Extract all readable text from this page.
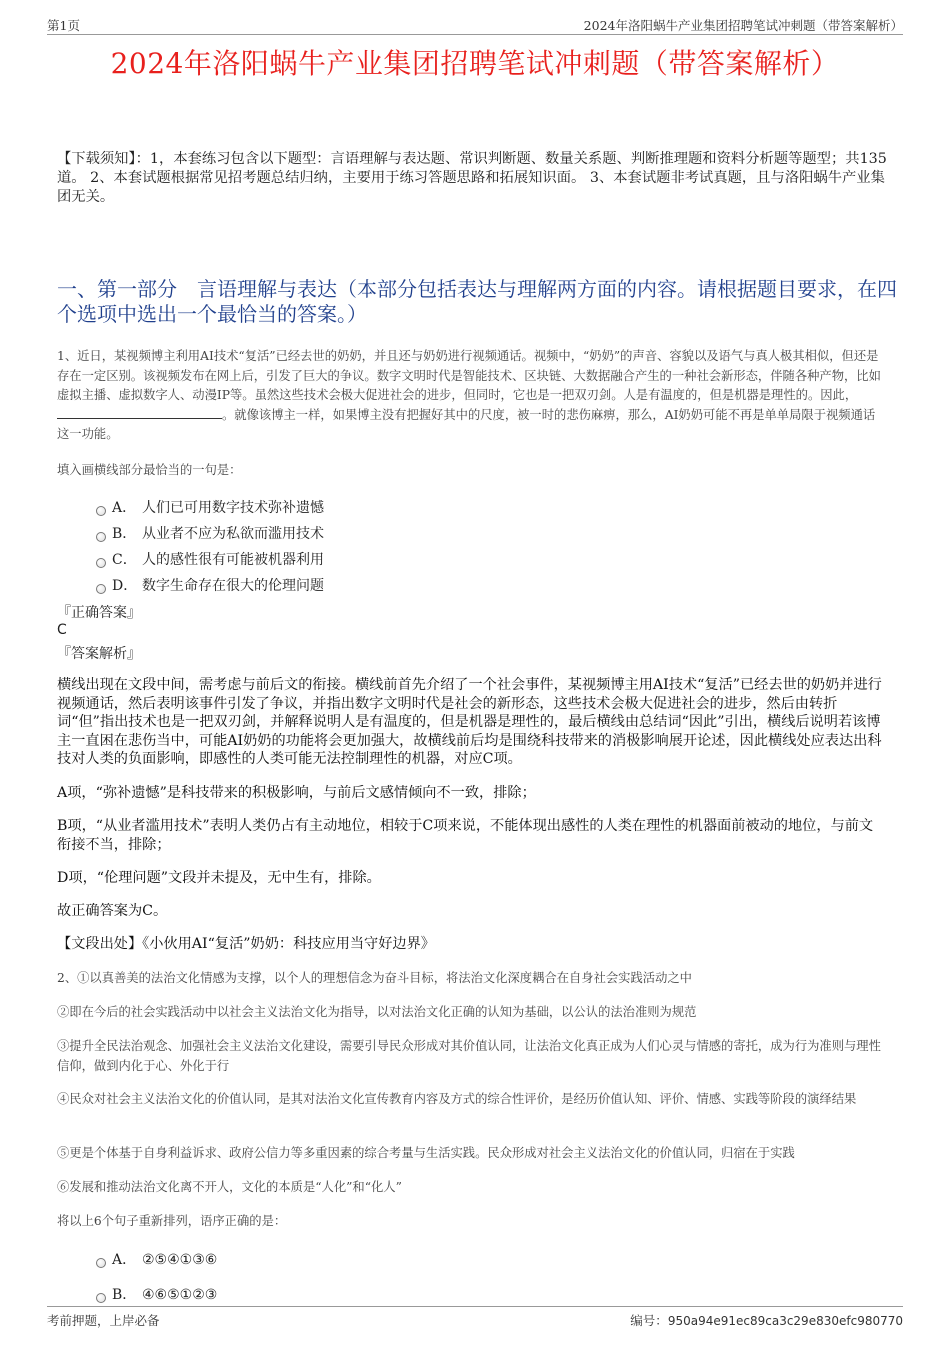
第1页	2024年洛阳蜗牛产业集团招聘笔试冲刺题（带答案解析）
2024年洛阳蜗牛产业集团招聘笔试冲刺题（带答案解析）
【下载须知】：1，本套练习包含以下题型：言语理解与表达题、常识判断题、数量关系题、判断推理题和资料分析题等题型；共135道。 2、本套试题根据常见招考题总结归纳，主要用于练习答题思路和拓展知识面。 3、本套试题非考试真题，且与洛阳蜗牛产业集团无关。
一、第一部分　言语理解与表达（本部分包括表达与理解两方面的内容。请根据题目要求，在四个选项中选出一个最恰当的答案。）
1、近日，某视频博主利用AI技术“复活”已经去世的奶奶，并且还与奶奶进行视频通话。视频中，“奶奶”的声音、容貌以及语气与真人极其相似，但还是存在一定区别。该视频发布在网上后，引发了巨大的争议。数字文明时代是智能技术、区块链、大数据融合产生的一种社会新形态，伴随各种产物，比如虚拟主播、虚拟数字人、动漫IP等。虽然这些技术会极大促进社会的进步，但同时，它也是一把双刃剑。人是有温度的，但是机器是理性的。因此，。就像该博主一样，如果博主没有把握好其中的尺度，被一时的悲伤麻痹，那么，AI奶奶可能不再是单单局限于视频通话这一功能。
填入画横线部分最恰当的一句是：
A． 人们已可用数字技术弥补遗憾
B． 从业者不应为私欲而滥用技术
C． 人的感性很有可能被机器利用
D． 数字生命存在很大的伦理问题
『正确答案』
C
『答案解析』
横线出现在文段中间，需考虑与前后文的衔接。横线前首先介绍了一个社会事件，某视频博主用AI技术“复活”已经去世的奶奶并进行视频通话，然后表明该事件引发了争议，并指出数字文明时代是社会的新形态，这些技术会极大促进社会的进步，然后由转折词“但”指出技术也是一把双刃剑，并解释说明人是有温度的，但是机器是理性的，最后横线由总结词“因此”引出，横线后说明若该博主一直困在悲伤当中，可能AI奶奶的功能将会更加强大，故横线前后均是围绕科技带来的消极影响展开论述，因此横线处应表达出科技对人类的负面影响，即感性的人类可能无法控制理性的机器，对应C项。
A项，“弥补遗憾”是科技带来的积极影响，与前后文感情倾向不一致，排除；
B项，“从业者滥用技术”表明人类仍占有主动地位，相较于C项来说，不能体现出感性的人类在理性的机器面前被动的地位，与前文衔接不当，排除；
D项，“伦理问题”文段并未提及，无中生有，排除。
故正确答案为C。
【文段出处】《小伙用AI“复活”奶奶：科技应用当守好边界》
2、①以真善美的法治文化情感为支撑，以个人的理想信念为奋斗目标，将法治文化深度耦合在自身社会实践活动之中
②即在今后的社会实践活动中以社会主义法治文化为指导，以对法治文化正确的认知为基础，以公认的法治准则为规范
③提升全民法治观念、加强社会主义法治文化建设，需要引导民众形成对其价值认同，让法治文化真正成为人们心灵与情感的寄托，成为行为准则与理性信仰，做到内化于心、外化于行
④民众对社会主义法治文化的价值认同，是其对法治文化宣传教育内容及方式的综合性评价，是经历价值认知、评价、情感、实践等阶段的演绎结果
⑤更是个体基于自身利益诉求、政府公信力等多重因素的综合考量与生活实践。民众形成对社会主义法治文化的价值认同，归宿在于实践
⑥发展和推动法治文化离不开人，文化的本质是“人化”和“化人”
将以上6个句子重新排列，语序正确的是：
A． ②⑤④①③⑥
B． ④⑥⑤①②③
考前押题，上岸必备	编号：950a94e91ec89ca3c29e830efc980770
